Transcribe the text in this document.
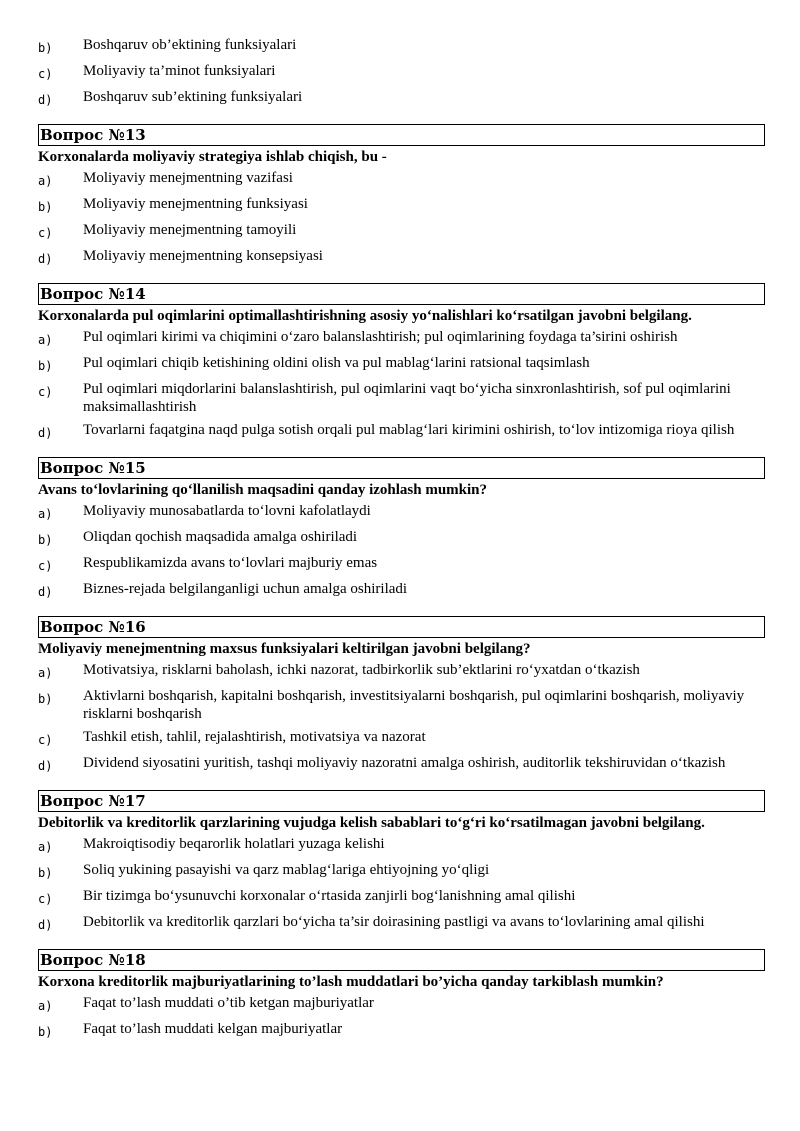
b)	Boshqaruv ob’ektining funksiyalari
c)	Moliyaviy ta’minot funksiyalari
d)	Boshqaruv sub’ektining funksiyalari
Вопрос №13
Korxonalarda moliyaviy strategiya ishlab chiqish, bu -
a)	Moliyaviy menejmentning vazifasi
b)	Moliyaviy menejmentning funksiyasi
c)	Moliyaviy menejmentning tamoyili
d)	Moliyaviy menejmentning konsepsiyasi
Вопрос №14
Korxonalarda pul oqimlarini optimallashtirishning asosiy yo‘nalishlari ko‘rsatilgan javobni belgilang.
a)	Pul oqimlari kirimi va chiqimini o‘zaro balanslashtirish; pul oqimlarining foydaga ta’sirini oshirish
b)	Pul oqimlari chiqib ketishining oldini olish va pul mablag‘larini ratsional taqsimlash
c)	Pul oqimlari miqdorlarini balanslashtirish, pul oqimlarini vaqt bo‘yicha sinxronlashtirish, sof pul oqimlarini maksimallashtirish
d)	Tovarlarni faqatgina naqd pulga sotish orqali pul mablag‘lari kirimini oshirish, to‘lov intizomiga rioya qilish
Вопрос №15
Avans to‘lovlarining qo‘llanilish maqsadini qanday izohlash mumkin?
a)	Moliyaviy munosabatlarda to‘lovni kafolatlaydi
b)	Oliqdan qochish maqsadida amalga oshiriladi
c)	Respublikamizda avans to‘lovlari majburiy emas
d)	Biznes-rejada belgilanganligi uchun amalga oshiriladi
Вопрос №16
Moliyaviy menejmentning maxsus funksiyalari keltirilgan javobni belgilang?
a)	Motivatsiya, risklarni baholash, ichki nazorat, tadbirkorlik sub’ektlarini ro‘yxatdan o‘tkazish
b)	Aktivlarni boshqarish, kapitalni boshqarish, investitsiyalarni boshqarish, pul oqimlarini boshqarish, moliyaviy risklarni boshqarish
c)	Tashkil etish, tahlil, rejalashtirish, motivatsiya va nazorat
d)	Dividend siyosatini yuritish, tashqi moliyaviy nazoratni amalga oshirish, auditorlik tekshiruvidan o‘tkazish
Вопрос №17
Debitorlik va kreditorlik qarzlarining vujudga kelish sabablari to‘g‘ri ko‘rsatilmagan javobni belgilang.
a)	Makroiqtisodiy beqarorlik holatlari yuzaga kelishi
b)	Soliq yukining pasayishi va qarz mablag‘lariga ehtiyojning yo‘qligi
c)	Bir tizimga bo‘ysunuvchi korxonalar o‘rtasida zanjirli bog‘lanishning amal qilishi
d)	Debitorlik va kreditorlik qarzlari bo‘yicha ta’sir doirasining pastligi va avans to‘lovlarining amal qilishi
Вопрос №18
Korxona kreditorlik majburiyatlarining to’lash muddatlari bo’yicha qanday tarkiblash mumkin?
a)	Faqat to’lash muddati o’tib ketgan majburiyatlar
b)	Faqat to’lash muddati kelgan majburiyatlar
